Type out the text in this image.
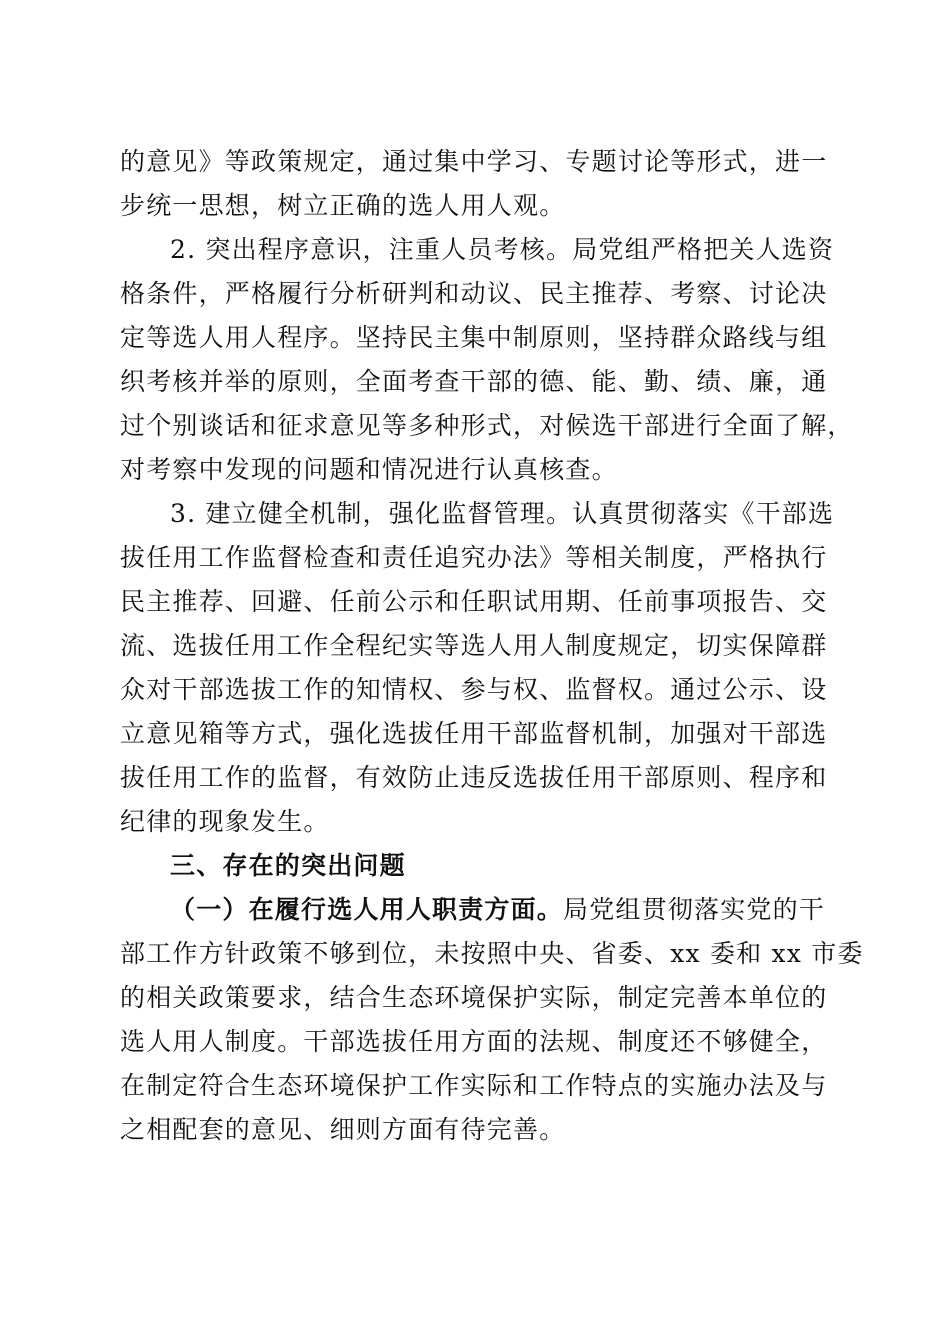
的意见》等政策规定，通过集中学习、专题讨论等形式，进一
步统一思想，树立正确的选人用人观。
2. 突出程序意识，注重人员考核。局党组严格把关人选资
格条件，严格履行分析研判和动议、民主推荐、考察、讨论决
定等选人用人程序。坚持民主集中制原则，坚持群众路线与组
织考核并举的原则，全面考查干部的德、能、勤、绩、廉，通
过个别谈话和征求意见等多种形式，对候选干部进行全面了解，
对考察中发现的问题和情况进行认真核查。
3. 建立健全机制，强化监督管理。认真贯彻落实《干部选
拔任用工作监督检查和责任追究办法》等相关制度，严格执行
民主推荐、回避、任前公示和任职试用期、任前事项报告、交
流、选拔任用工作全程纪实等选人用人制度规定，切实保障群
众对干部选拔工作的知情权、参与权、监督权。通过公示、设
立意见箱等方式，强化选拔任用干部监督机制，加强对干部选
拔任用工作的监督，有效防止违反选拔任用干部原则、程序和
纪律的现象发生。
三、存在的突出问题
（一）在履行选人用人职责方面。局党组贯彻落实党的干
部工作方针政策不够到位，未按照中央、省委、xx 委和 xx 市委
的相关政策要求，结合生态环境保护实际，制定完善本单位的
选人用人制度。干部选拔任用方面的法规、制度还不够健全，
在制定符合生态环境保护工作实际和工作特点的实施办法及与
之相配套的意见、细则方面有待完善。
